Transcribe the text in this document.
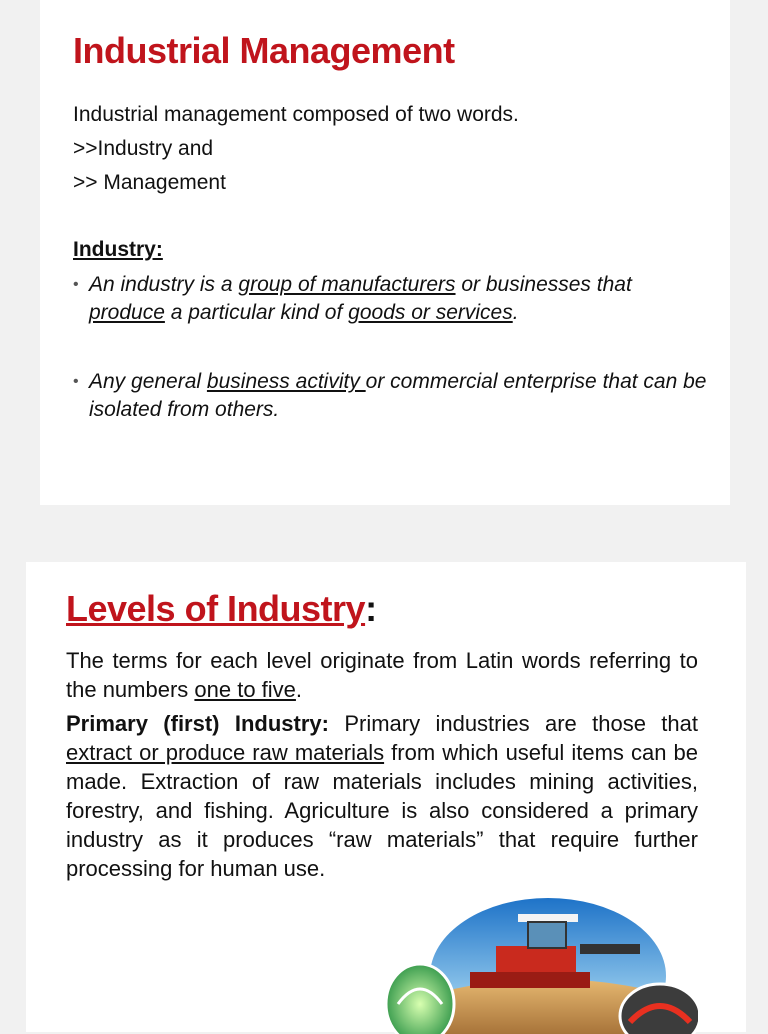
Industrial Management

Industrial management composed of two words.

>>Industry and

>> Management

Industry:

• An industry is a group of manufacturers or businesses that produce a particular kind of goods or services.
• Any general business activity or commercial enterprise that can be isolated from others.
Levels of Industry:

The terms for each level originate from Latin words referring to the numbers one to five.

Primary (first) Industry: Primary industries are those that extract or produce raw materials from which useful items can be made. Extraction of raw materials includes mining activities, forestry, and fishing. Agriculture is also considered a primary industry as it produces “raw materials” that require further processing for human use.
